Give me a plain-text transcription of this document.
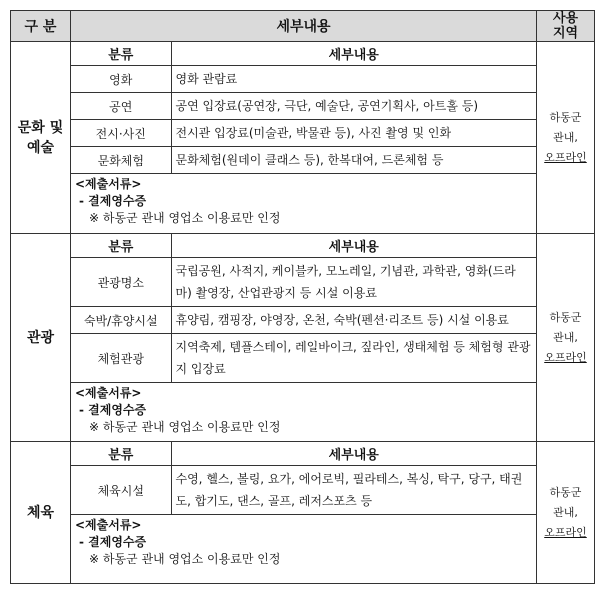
구 분	세부내용	사용
지역
문화 및
예술	
분류	세부내용
영화	영화 관람료
공연	공연 입장료(공연장, 극단, 예술단, 공연기획사, 아트홀 등)
전시·사진	전시관 입장료(미술관, 박물관 등), 사진 촬영 및 인화
문화체험	문화체험(원데이 클래스 등), 한복대여, 드론체험 등
<제출서류>
- 결제영수증
※ 하동군 관내 영업소 이용료만 인정

하동군
관내,
오프라인

관광	
분류	세부내용
관광명소	국립공원, 사적지, 케이블카, 모노레일, 기념관, 과학관, 영화(드라마) 촬영장, 산업관광지 등 시설 이용료
숙박/휴양시설	휴양림, 캠핑장, 야영장, 온천, 숙박(펜션·리조트 등) 시설 이용료
체험관광	지역축제, 템플스테이, 레일바이크, 짚라인, 생태체험 등 체험형 관광지 입장료
<제출서류>
- 결제영수증
※ 하동군 관내 영업소 이용료만 인정

하동군
관내,
오프라인

체육	
분류	세부내용
체육시설	수영, 헬스, 볼링, 요가, 에어로빅, 필라테스, 복싱, 탁구, 당구, 태권도, 합기도, 댄스, 골프, 레저스포츠 등
<제출서류>
- 결제영수증
※ 하동군 관내 영업소 이용료만 인정

하동군
관내,
오프라인
